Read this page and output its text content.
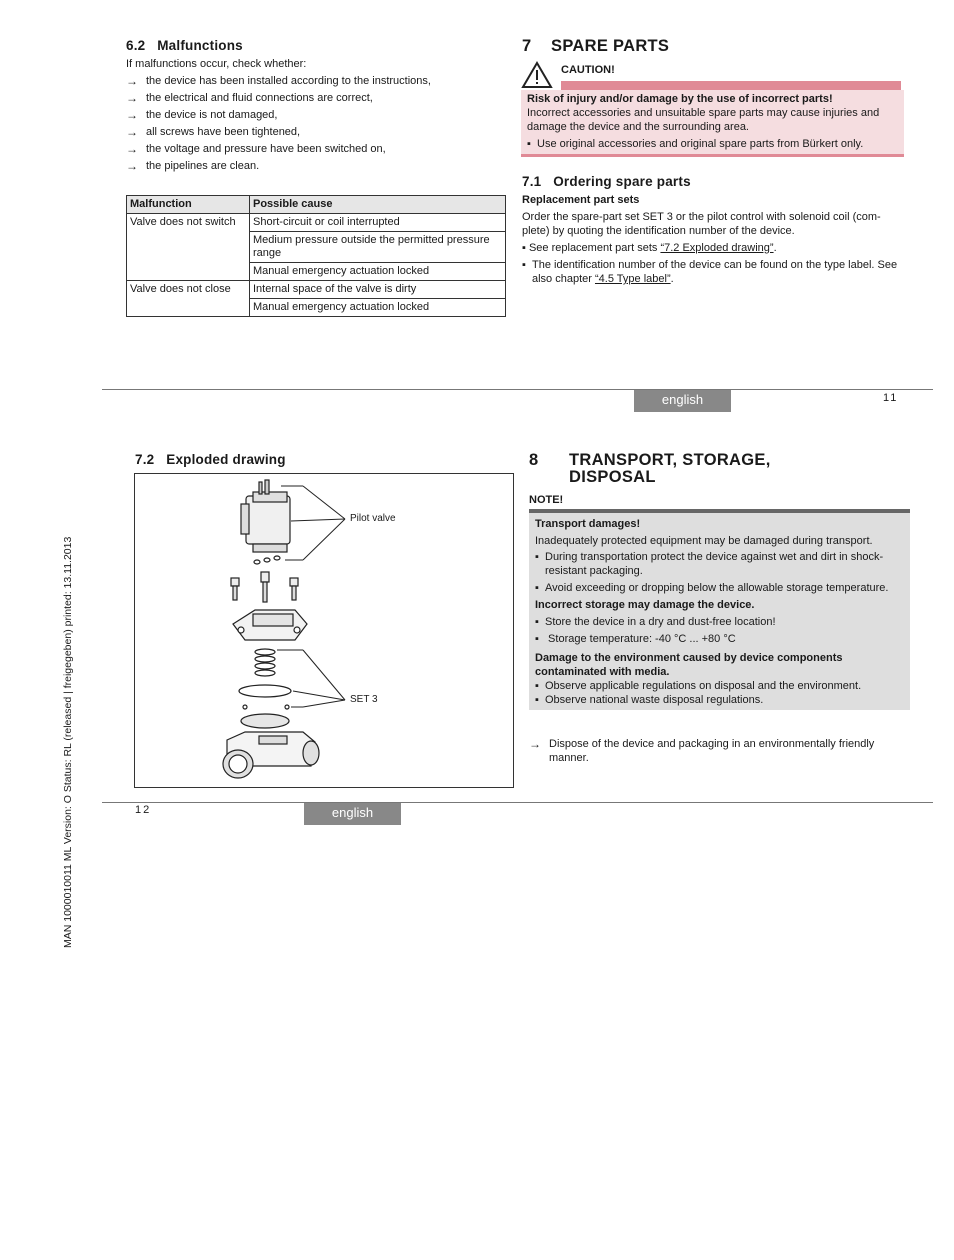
6.2 Malfunctions
If malfunctions occur, check whether:
→ the device has been installed according to the instructions,
→ the electrical and fluid connections are correct,
→ the device is not damaged,
→ all screws have been tightened,
→ the voltage and pressure have been switched on,
→ the pipelines are clean.
Malfunction	Possible cause
Valve does not switch	Short-circuit or coil interrupted
	Medium pressure outside the permitted pressure range
	Manual emergency actuation locked
Valve does not close	Internal space of the valve is dirty
	Manual emergency actuation locked
7 SPARE PARTS
CAUTION!
Risk of injury and/or damage by the use of incorrect parts!
Incorrect accessories and unsuitable spare parts may cause injuries and damage the device and the surrounding area.
▪ Use original accessories and original spare parts from Bürkert only.
7.1 Ordering spare parts
Replacement part sets
Order the spare-part set SET 3 or the pilot control with solenoid coil (com-plete) by quoting the identification number of the device.
▪ See replacement part sets “7.2 Exploded drawing”.
▪ The identification number of the device can be found on the type label. See also chapter “4.5 Type label”.
english	11
7.2 Exploded drawing
Pilot valve
SET 3
8 TRANSPORT, STORAGE,
DISPOSAL
NOTE!
Transport damages!
Inadequately protected equipment may be damaged during transport.
▪ During transportation protect the device against wet and dirt in shock-resistant packaging.
▪ Avoid exceeding or dropping below the allowable storage temperature.
Incorrect storage may damage the device.
▪ Store the device in a dry and dust-free location!
▪ Storage temperature: -40 °C ... +80 °C
Damage to the environment caused by device components contaminated with media.
▪ Observe applicable regulations on disposal and the environment.
▪ Observe national waste disposal regulations.
→ Dispose of the device and packaging in an environmentally friendly manner.
12	english
MAN 1000010011 ML Version: O Status: RL (released | freigegeben) printed: 13.11.2013
